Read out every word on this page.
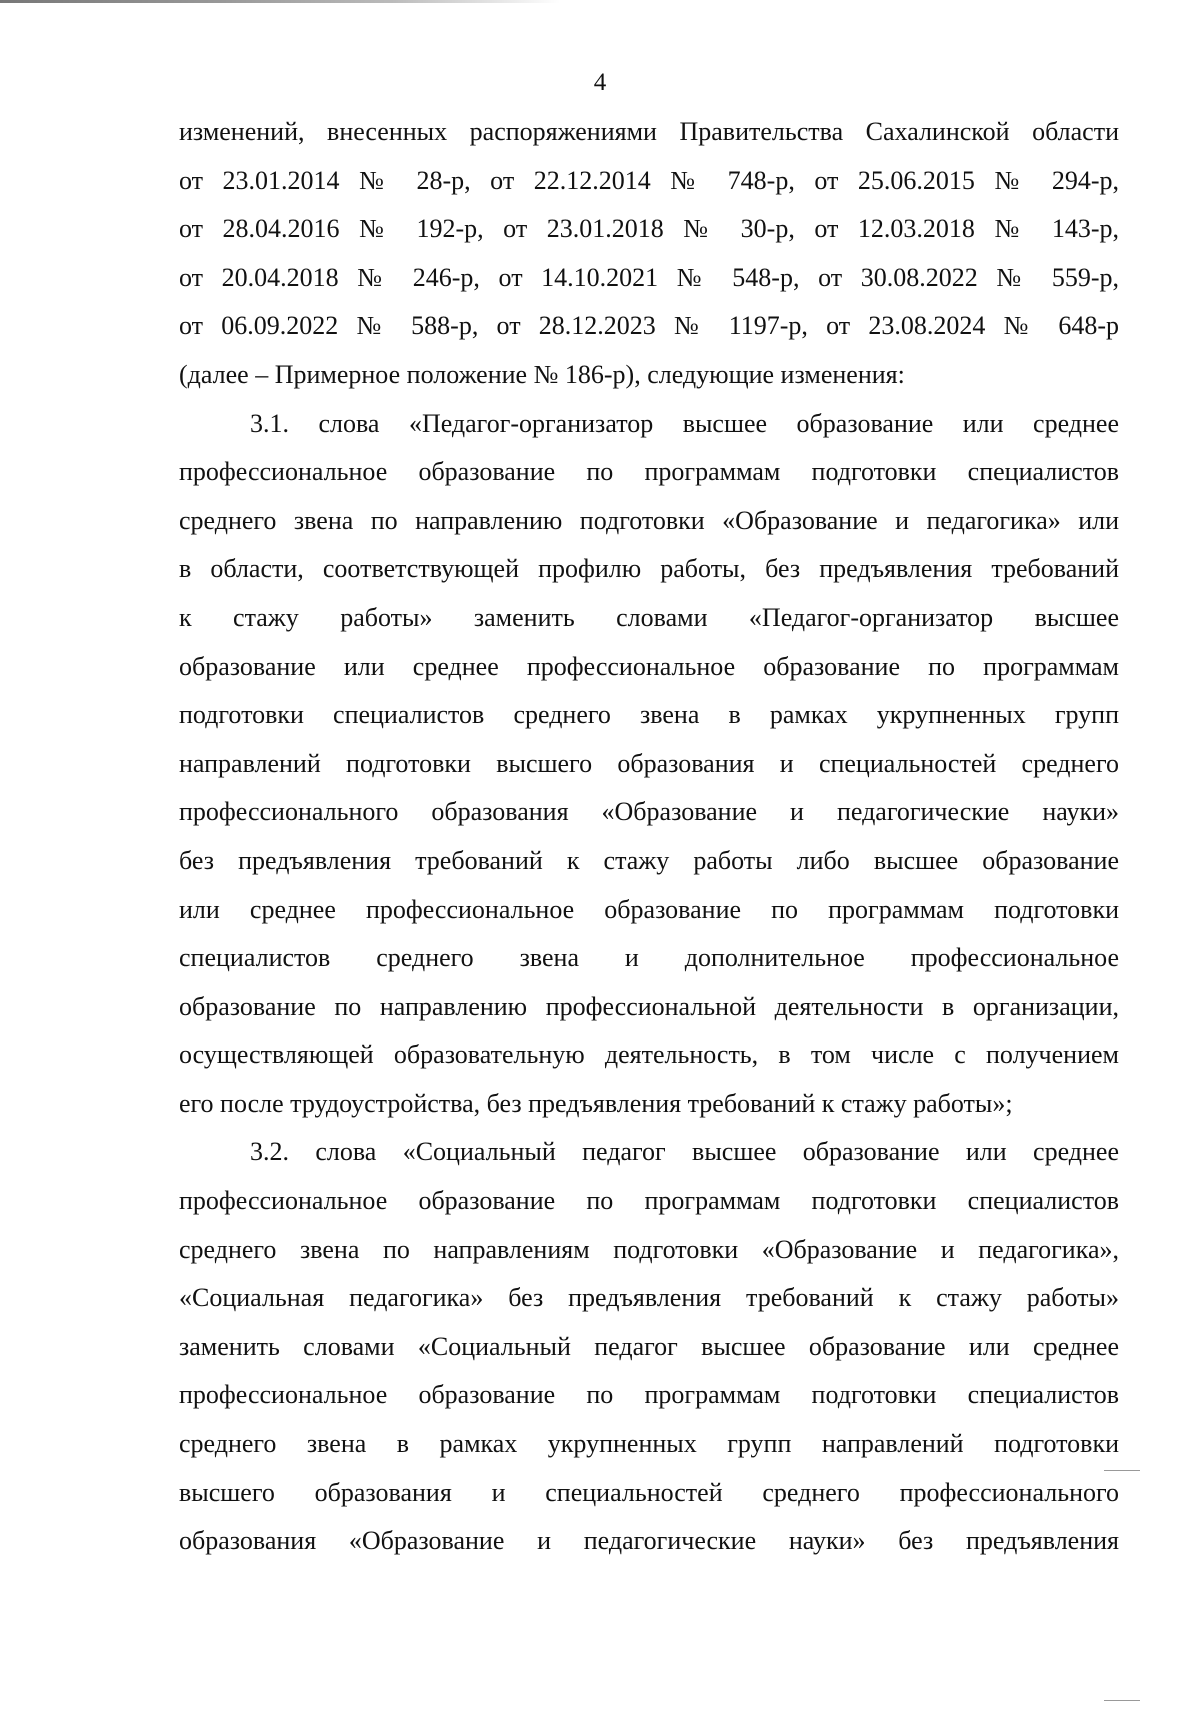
4
изменений, внесенных распоряжениями Правительства Сахалинской области
от 23.01.2014 № 28-р, от 22.12.2014 № 748-р, от 25.06.2015 № 294-р,
от 28.04.2016 № 192-р, от 23.01.2018 № 30-р, от 12.03.2018 № 143-р,
от 20.04.2018 № 246-р, от 14.10.2021 № 548-р, от 30.08.2022 № 559-р,
от 06.09.2022 № 588-р, от 28.12.2023 № 1197-р, от 23.08.2024 № 648-р
(далее – Примерное положение № 186-р), следующие изменения:
3.1. слова «Педагог-организатор высшее образование или среднее
профессиональное образование по программам подготовки специалистов
среднего звена по направлению подготовки «Образование и педагогика» или
в области, соответствующей профилю работы, без предъявления требований
к стажу работы» заменить словами «Педагог-организатор высшее
образование или среднее профессиональное образование по программам
подготовки специалистов среднего звена в рамках укрупненных групп
направлений подготовки высшего образования и специальностей среднего
профессионального образования «Образование и педагогические науки»
без предъявления требований к стажу работы либо высшее образование
или среднее профессиональное образование по программам подготовки
специалистов среднего звена и дополнительное профессиональное
образование по направлению профессиональной деятельности в организации,
осуществляющей образовательную деятельность, в том числе с получением
его после трудоустройства, без предъявления требований к стажу работы»;
3.2. слова «Социальный педагог высшее образование или среднее
профессиональное образование по программам подготовки специалистов
среднего звена по направлениям подготовки «Образование и педагогика»,
«Социальная педагогика» без предъявления требований к стажу работы»
заменить словами «Социальный педагог высшее образование или среднее
профессиональное образование по программам подготовки специалистов
среднего звена в рамках укрупненных групп направлений подготовки
высшего образования и специальностей среднего профессионального
образования «Образование и педагогические науки» без предъявления
